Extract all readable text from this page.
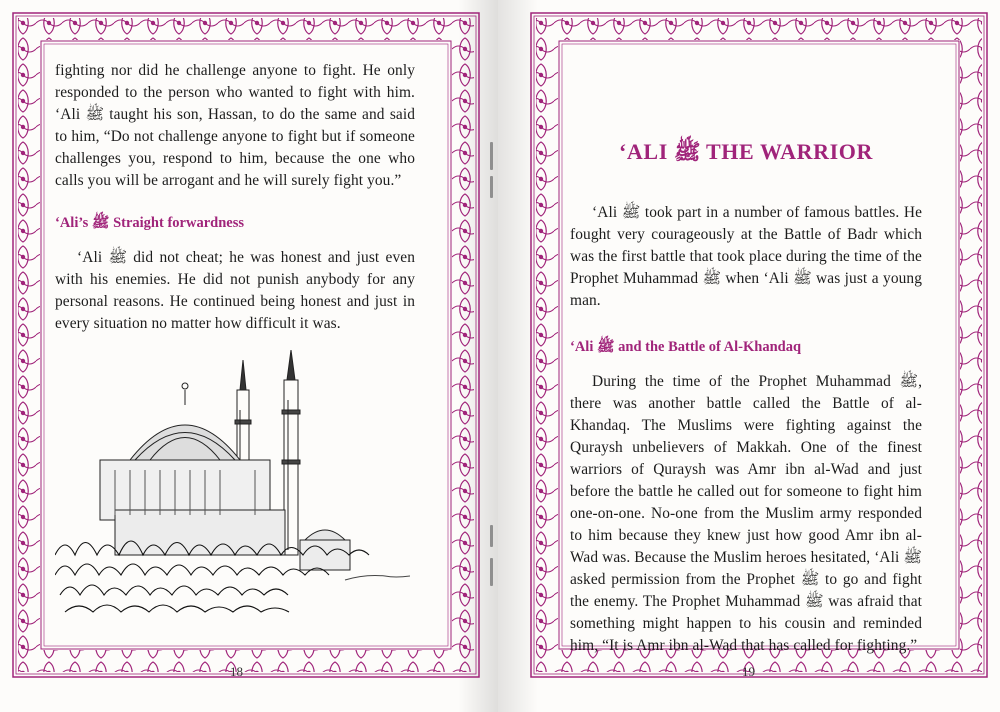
fighting nor did he challenge anyone to fight. He only responded to the person who wanted to fight with him. ‘Ali ﷺ taught his son, Hassan, to do the same and said to him, “Do not challenge anyone to fight but if someone challenges you, respond to him, because the one who calls you will be arrogant and he will surely fight you.”

‘Ali’s ﷺ Straight forwardness

‘Ali ﷺ did not cheat; he was honest and just even with his enemies. He did not punish anybody for any personal reasons. He continued being honest and just in every situation no matter how difficult it was.

18
‘ALI ﷺ THE WARRIOR

‘Ali ﷺ took part in a number of famous battles. He fought very courageously at the Battle of Badr which was the first battle that took place during the time of the Prophet Muhammad ﷺ when ‘Ali ﷺ was just a young man.

‘Ali ﷺ and the Battle of Al-Khandaq

During the time of the Prophet Muhammad ﷺ, there was another battle called the Battle of al-Khandaq. The Muslims were fighting against the Quraysh unbelievers of Makkah. One of the finest warriors of Quraysh was Amr ibn al-Wad and just before the battle he called out for someone to fight him one-on-one. No-one from the Muslim army responded to him because they knew just how good Amr ibn al-Wad was. Because the Muslim heroes hesitated, ‘Ali ﷺ asked permission from the Prophet ﷺ to go and fight the enemy. The Prophet Muhammad ﷺ was afraid that something might happen to his cousin and reminded him, “It is Amr ibn al-Wad that has called for fighting.”

19
